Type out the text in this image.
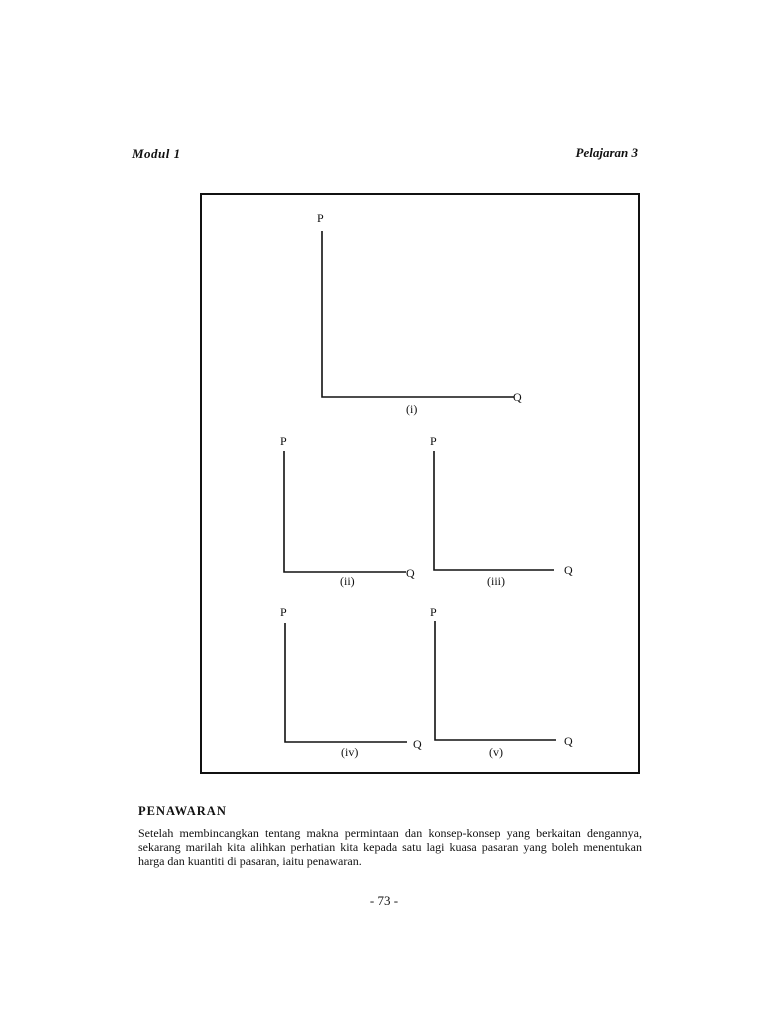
Modul 1	Pelajaran 3
P
Q
(i)
P
Q
(ii)
P
Q
(iii)
P
Q
(iv)
P
Q
(v)
PENAWARAN
Setelah membincangkan tentang makna permintaan dan konsep-konsep yang berkaitan dengannya, sekarang marilah kita alihkan perhatian kita kepada satu lagi kuasa pasaran yang boleh menentukan harga dan kuantiti di pasaran, iaitu penawaran.
- 73 -
